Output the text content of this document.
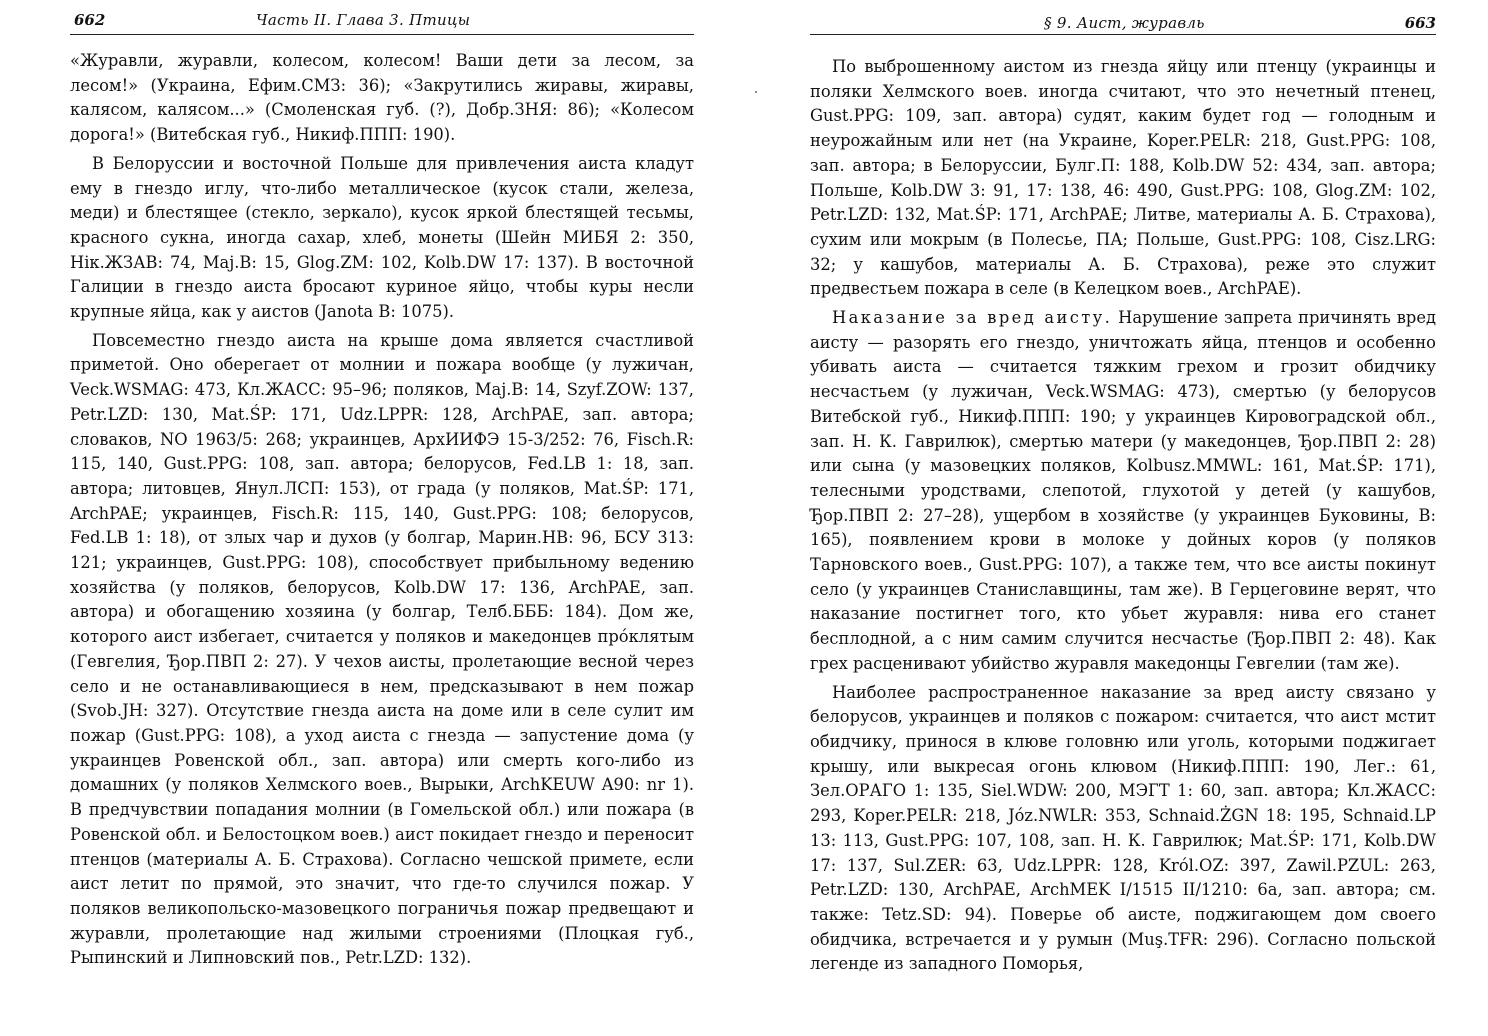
662	Часть II. Глава 3. Птицы

«Журавли, журавли, колесом, колесом! Ваши дети за лесом, за лесом!» (Украина, Ефим.СМЗ: 36); «Закрутились жиравы, жиравы, калясом, калясом...» (Смоленская губ. (?), Добр.ЗНЯ: 86); «Колесом дорога!» (Витебская губ., Никиф.ППП: 190).

В Белоруссии и восточной Польше для привлечения аиста кладут ему в гнездо иглу, что-либо металлическое (кусок стали, железа, меди) и блестящее (стекло, зеркало), кусок яркой блестящей тесьмы, красного сукна, иногда сахар, хлеб, монеты (Шейн МИБЯ 2: 350, Нiк.ЖЗАВ: 74, Maj.B: 15, Glog.ZM: 102, Kolb.DW 17: 137). В восточной Галиции в гнездо аиста бросают куриное яйцо, чтобы куры несли крупные яйца, как у аистов (Janota B: 1075).

Повсеместно гнездо аиста на крыше дома является счастливой приметой. Оно оберегает от молнии и пожара вообще (у лужичан, Veck.WSMAG: 473, Кл.ЖАСС: 95–96; поляков, Maj.B: 14, Szyf.ZOW: 137, Petr.LZD: 130, Mat.ŚP: 171, Udz.LPPR: 128, ArchPAE, зап. автора; словаков, NO 1963/5: 268; украинцев, АрхИИФЭ 15-3/252: 76, Fisch.R: 115, 140, Gust.PPG: 108, зап. автора; белорусов, Fed.LB 1: 18, зап. автора; литовцев, Янул.ЛСП: 153), от града (у поляков, Mat.ŚP: 171, ArchPAE; украинцев, Fisch.R: 115, 140, Gust.PPG: 108; белорусов, Fed.LB 1: 18), от злых чар и духов (у болгар, Марин.НВ: 96, БСУ 313: 121; украинцев, Gust.PPG: 108), способствует прибыльному ведению хозяйства (у поляков, белорусов, Kolb.DW 17: 136, ArchPAE, зап. автора) и обогащению хозяина (у болгар, Телб.БББ: 184). Дом же, которого аист избегает, считается у поляков и македонцев прóклятым (Гевгелия, Ђор.ПВП 2: 27). У чехов аисты, пролетающие весной через село и не останавливающиеся в нем, предсказывают в нем пожар (Svob.JH: 327). Отсутствие гнезда аиста на доме или в селе сулит им пожар (Gust.PPG: 108), а уход аиста с гнезда — запустение дома (у украинцев Ровенской обл., зап. автора) или смерть кого-либо из домашних (у поляков Хелмского воев., Вырыки, ArchKEUW A90: nr 1). В предчувствии попадания молнии (в Гомельской обл.) или пожара (в Ровенской обл. и Белостоцком воев.) аист покидает гнездо и переносит птенцов (материалы А. Б. Страхова). Согласно чешской примете, если аист летит по прямой, это значит, что где-то случился пожар. У поляков великопольско-мазовецкого пограничья пожар предвещают и журавли, пролетающие над жилыми строениями (Плоцкая губ., Рыпинский и Липновский пов., Petr.LZD: 132).

§ 9. Аист, журавль	663

По выброшенному аистом из гнезда яйцу или птенцу (украинцы и поляки Хелмского воев. иногда считают, что это нечетный птенец, Gust.PPG: 109, зап. автора) судят, каким будет год — голодным и неурожайным или нет (на Украине, Koper.PELR: 218, Gust.PPG: 108, зап. автора; в Белоруссии, Булг.П: 188, Kolb.DW 52: 434, зап. автора; Польше, Kolb.DW 3: 91, 17: 138, 46: 490, Gust.PPG: 108, Glog.ZM: 102, Petr.LZD: 132, Mat.ŚP: 171, ArchPAE; Литве, материалы А. Б. Страхова), сухим или мокрым (в Полесье, ПА; Польше, Gust.PPG: 108, Cisz.LRG: 32; у кашубов, материалы А. Б. Страхова), реже это служит предвестьем пожара в селе (в Келецком воев., ArchPAE).

Наказание за вред аисту. Нарушение запрета причинять вред аисту — разорять его гнездо, уничтожать яйца, птенцов и особенно убивать аиста — считается тяжким грехом и грозит обидчику несчастьем (у лужичан, Veck.WSMAG: 473), смертью (у белорусов Витебской губ., Никиф.ППП: 190; у украинцев Кировоградской обл., зап. Н. К. Гаврилюк), смертью матери (у македонцев, Ђор.ПВП 2: 28) или сына (у мазовецких поляков, Kolbusz.MMWL: 161, Mat.ŚP: 171), телесными уродствами, слепотой, глухотой у детей (у кашубов, Ђор.ПВП 2: 27–28), ущербом в хозяйстве (у украинцев Буковины, В: 165), появлением крови в молоке у дойных коров (у поляков Тарновского воев., Gust.PPG: 107), а также тем, что все аисты покинут село (у украинцев Станиславщины, там же). В Герцеговине верят, что наказание постигнет того, кто убьет журавля: нива его станет бесплодной, а с ним самим случится несчастье (Ђор.ПВП 2: 48). Как грех расценивают убийство журавля македонцы Гевгелии (там же).

Наиболее распространенное наказание за вред аисту связано у белорусов, украинцев и поляков с пожаром: считается, что аист мстит обидчику, принося в клюве головню или уголь, которыми поджигает крышу, или выкресая огонь клювом (Никиф.ППП: 190, Лег.: 61, Зел.ОРАГО 1: 135, Siel.WDW: 200, МЭГТ 1: 60, зап. автора; Кл.ЖАСС: 293, Koper.PELR: 218, Józ.NWLR: 353, Schnaid.ŻGN 18: 195, Schnaid.LP 13: 113, Gust.PPG: 107, 108, зап. Н. К. Гаврилюк; Mat.ŚP: 171, Kolb.DW 17: 137, Sul.ZER: 63, Udz.LPPR: 128, Król.OZ: 397, Zawil.PZUL: 263, Petr.LZD: 130, ArchPAE, ArchMEK I/1515 II/1210: 6а, зап. автора; см. также: Tetz.SD: 94). Поверье об аисте, поджигающем дом своего обидчика, встречается и у румын (Muş.TFR: 296). Согласно польской легенде из западного Поморья,
